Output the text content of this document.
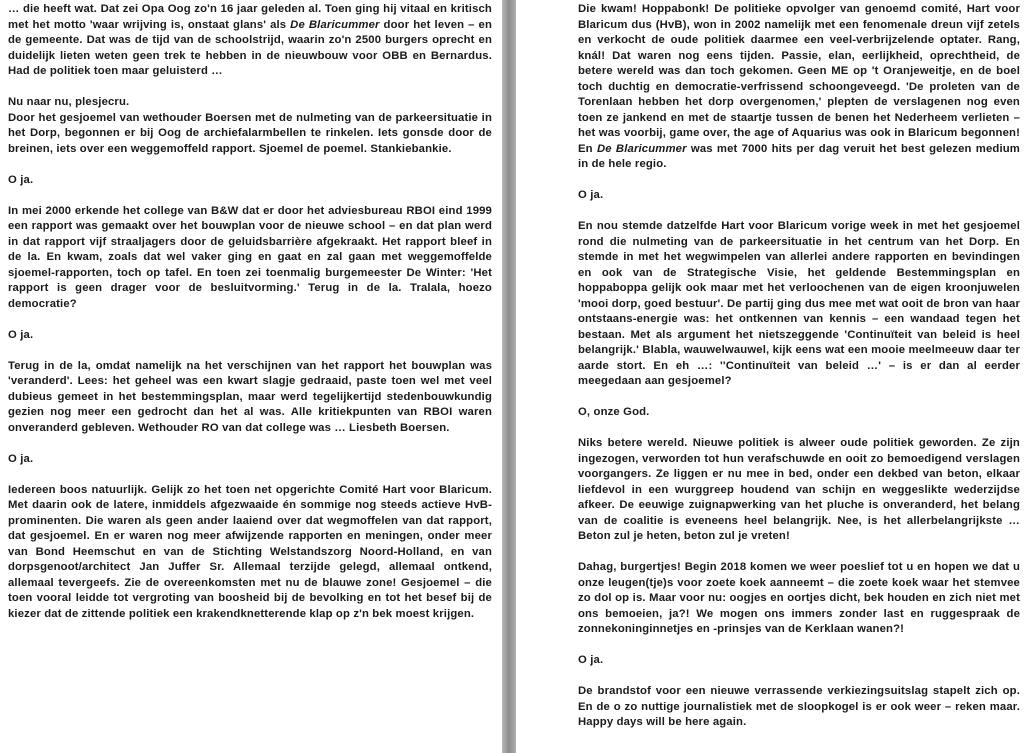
… die heeft wat. Dat zei Opa Oog zo'n 16 jaar geleden al. Toen ging hij vitaal en kritisch met het motto 'waar wrijving is, onstaat glans' als De Blaricummer door het leven – en de gemeente. Dat was de tijd van de schoolstrijd, waarin zo'n 2500 burgers oprecht en duidelijk lieten weten geen trek te hebben in de nieuwbouw voor OBB en Bernardus. Had de politiek toen maar geluisterd …

Nu naar nu, plesjecru.

Door het gesjoemel van wethouder Boersen met de nulmeting van de parkeersituatie in het Dorp, begonnen er bij Oog de archiefalarmbellen te rinkelen. Iets gonsde door de breinen, iets over een weggemoffeld rapport. Sjoemel de poemel. Stankiebankie.

O ja.

In mei 2000 erkende het college van B&W dat er door het adviesbureau RBOI eind 1999 een rapport was gemaakt over het bouwplan voor de nieuwe school – en dat plan werd in dat rapport vijf straaljagers door de geluidsbarrière afgekraakt. Het rapport bleef in de la. En kwam, zoals dat wel vaker ging en gaat en zal gaan met weggemoffelde sjoemel-rapporten, toch op tafel. En toen zei toenmalig burgemeester De Winter: 'Het rapport is geen drager voor de besluitvorming.' Terug in de la. Tralala, hoezo democratie?

O ja.

Terug in de la, omdat namelijk na het verschijnen van het rapport het bouwplan was 'veranderd'. Lees: het geheel was een kwart slagje gedraaid, paste toen wel met veel dubieus gemeet in het bestemmingsplan, maar werd tegelijkertijd stedenbouwkundig gezien nog meer een gedrocht dan het al was. Alle kritiekpunten van RBOI waren onveranderd gebleven. Wethouder RO van dat college was … Liesbeth Boersen.

O ja.

Iedereen boos natuurlijk. Gelijk zo het toen net opgerichte Comité Hart voor Blaricum. Met daarin ook de latere, inmiddels afgezwaaide én sommige nog steeds actieve HvB-prominenten. Die waren als geen ander laaiend over dat wegmoffelen van dat rapport, dat gesjoemel. En er waren nog meer afwijzende rapporten en meningen, onder meer van Bond Heemschut en van de Stichting Welstandszorg Noord-Holland, en van dorpsgenoot/architect Jan Juffer Sr. Allemaal terzijde gelegd, allemaal ontkend, allemaal tevergeefs. Zie de overeenkomsten met nu de blauwe zone! Gesjoemel – die toen vooral leidde tot vergroting van boosheid bij de bevolking en tot het besef bij de kiezer dat de zittende politiek een krakendknetterende klap op z'n bek moest krijgen.

Die kwam! Hoppabonk! De politieke opvolger van genoemd comité, Hart voor Blaricum dus (HvB), won in 2002 namelijk met een fenomenale dreun vijf zetels en verkocht de oude politiek daarmee een veel-verbrijzelende optater. Rang, knál! Dat waren nog eens tijden. Passie, elan, eerlijkheid, oprechtheid, de betere wereld was dan toch gekomen. Geen ME op 't Oranjeweitje, en de boel toch duchtig en democratie-verfrissend schoongeveegd. 'De proleten van de Torenlaan hebben het dorp overgenomen,' plepten de verslagenen nog even toen ze jankend en met de staartje tussen de benen het Nederheem verlieten – het was voorbij, game over, the age of Aquarius was ook in Blaricum begonnen! En De Blaricummer was met 7000 hits per dag veruit het best gelezen medium in de hele regio.

O ja.

En nou stemde datzelfde Hart voor Blaricum vorige week in met het gesjoemel rond die nulmeting van de parkeersituatie in het centrum van het Dorp. En stemde in met het wegwimpelen van allerlei andere rapporten en bevindingen en ook van de Strategische Visie, het geldende Bestemmingsplan en hoppaboppa gelijk ook maar met het verloochenen van de eigen kroonjuwelen 'mooi dorp, goed bestuur'. De partij ging dus mee met wat ooit de bron van haar ontstaans-energie was: het ontkennen van kennis – een wandaad tegen het bestaan. Met als argument het nietszeggende 'Continuïteit van beleid is heel belangrijk.' Blabla, wauwelwauwel, kijk eens wat een mooie meelmeeuw daar ter aarde stort. En eh …: ''Continuïteit van beleid …' – is er dan al eerder meegedaan aan gesjoemel?

O, onze God.

Niks betere wereld. Nieuwe politiek is alweer oude politiek geworden. Ze zijn ingezogen, verworden tot hun verafschuwde en ooit zo bemoedigend verslagen voorgangers. Ze liggen er nu mee in bed, onder een dekbed van beton, elkaar liefdevol in een wurggreep houdend van schijn en weggeslikte wederzijdse afkeer. De eeuwige zuignapwerking van het pluche is onveranderd, het belang van de coalitie is eveneens heel belangrijk. Nee, is het allerbelangrijkste … Beton zul je heten, beton zul je vreten!

Dahag, burgertjes! Begin 2018 komen we weer poeslief tot u en hopen we dat u onze leugen(tje)s voor zoete koek aanneemt – die zoete koek waar het stemvee zo dol op is. Maar voor nu: oogjes en oortjes dicht, bek houden en zich niet met ons bemoeien, ja?! We mogen ons immers zonder last en ruggespraak de zonnekoninginnetjes en -prinsjes van de Kerklaan wanen?!

O ja.

De brandstof voor een nieuwe verrassende verkiezingsuitslag stapelt zich op. En de o zo nuttige journalistiek met de sloopkogel is er ook weer – reken maar. Happy days will be here again.
